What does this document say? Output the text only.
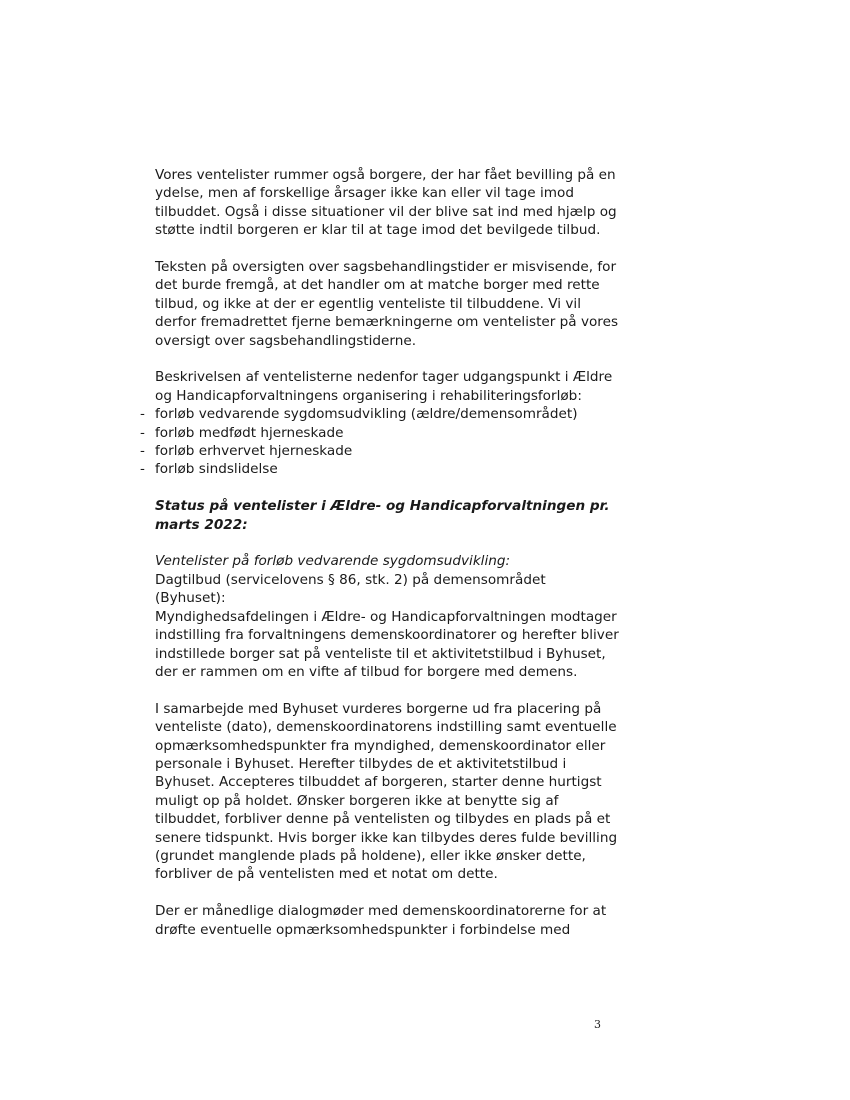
Vores ventelister rummer også borgere, der har fået bevilling på en
ydelse, men af forskellige årsager ikke kan eller vil tage imod
tilbuddet. Også i disse situationer vil der blive sat ind med hjælp og
støtte indtil borgeren er klar til at tage imod det bevilgede tilbud.

Teksten på oversigten over sagsbehandlingstider er misvisende, for
det burde fremgå, at det handler om at matche borger med rette
tilbud, og ikke at der er egentlig venteliste til tilbuddene. Vi vil
derfor fremadrettet fjerne bemærkningerne om ventelister på vores
oversigt over sagsbehandlingstiderne.

Beskrivelsen af ventelisterne nedenfor tager udgangspunkt i Ældre
og Handicapforvaltningens organisering i rehabiliteringsforløb:

- forløb vedvarende sygdomsudvikling (ældre/demensområdet)
- forløb medfødt hjerneskade
- forløb erhvervet hjerneskade
- forløb sindslidelse

Status på ventelister i Ældre- og Handicapforvaltningen pr.
marts 2022:

Ventelister på forløb vedvarende sygdomsudvikling:

Dagtilbud (servicelovens § 86, stk. 2) på demensområdet
(Byhuset):

Myndighedsafdelingen i Ældre- og Handicapforvaltningen modtager
indstilling fra forvaltningens demenskoordinatorer og herefter bliver
indstillede borger sat på venteliste til et aktivitetstilbud i Byhuset,
der er rammen om en vifte af tilbud for borgere med demens.

I samarbejde med Byhuset vurderes borgerne ud fra placering på
venteliste (dato), demenskoordinatorens indstilling samt eventuelle
opmærksomhedspunkter fra myndighed, demenskoordinator eller
personale i Byhuset. Herefter tilbydes de et aktivitetstilbud i
Byhuset. Accepteres tilbuddet af borgeren, starter denne hurtigst
muligt op på holdet. Ønsker borgeren ikke at benytte sig af
tilbuddet, forbliver denne på ventelisten og tilbydes en plads på et
senere tidspunkt. Hvis borger ikke kan tilbydes deres fulde bevilling
(grundet manglende plads på holdene), eller ikke ønsker dette,
forbliver de på ventelisten med et notat om dette.

Der er månedlige dialogmøder med demenskoordinatorerne for at
drøfte eventuelle opmærksomhedspunkter i forbindelse med

3
